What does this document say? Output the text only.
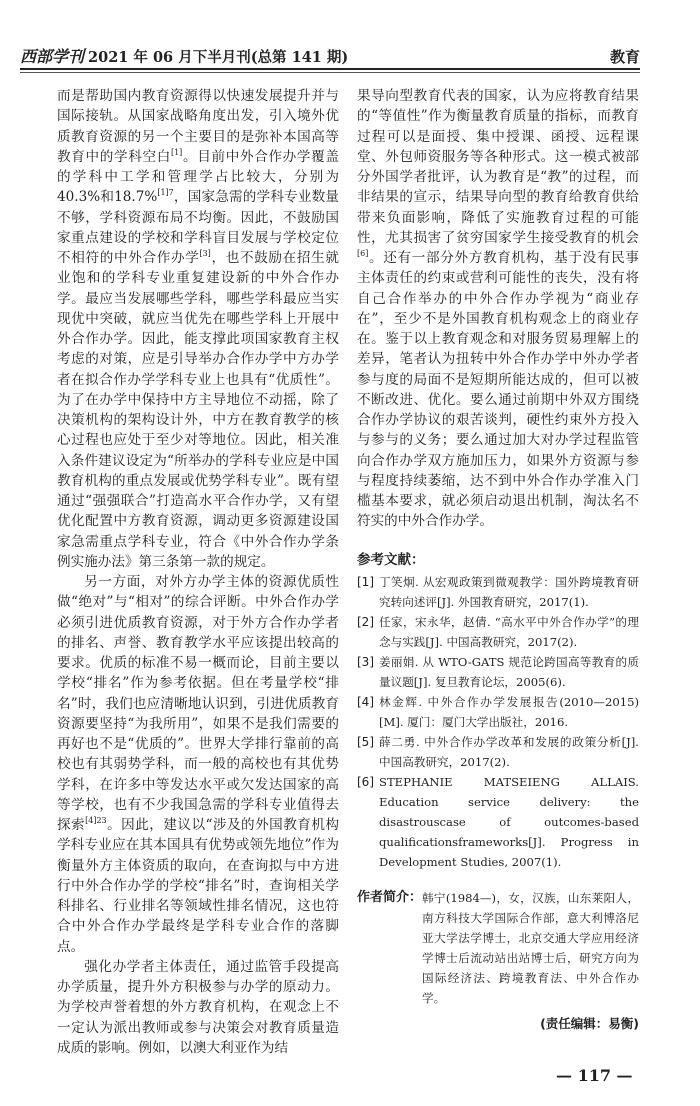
西部学刊 2021 年 06 月下半月刊(总第 141 期)	教育

而是帮助国内教育资源得以快速发展提升并与国际接轨。从国家战略角度出发，引入境外优质教育资源的另一个主要目的是弥补本国高等教育中的学科空白[1]。目前中外合作办学覆盖的学科中工学和管理学占比较大，分别为40.3%和18.7%$^{[1]7}$，国家急需的学科专业数量不够，学科资源布局不均衡。因此，不鼓励国家重点建设的学校和学科盲目发展与学校定位不相符的中外合作办学[3]，也不鼓励在招生就业饱和的学科专业重复建设新的中外合作办学。最应当发展哪些学科，哪些学科最应当实现优中突破，就应当优先在哪些学科上开展中外合作办学。因此，能支撑此项国家教育主权考虑的对策，应是引导举办合作办学中方办学者在拟合作办学学科专业上也具有“优质性”。为了在办学中保持中方主导地位不动摇，除了决策机构的架构设计外，中方在教育教学的核心过程也应处于至少对等地位。因此，相关准入条件建议设定为“所举办的学科专业应是中国教育机构的重点发展或优势学科专业”。既有望通过“强强联合”打造高水平合作办学，又有望优化配置中方教育资源，调动更多资源建设国家急需重点学科专业，符合《中外合作办学条例实施办法》第三条第一款的规定。

另一方面，对外方办学主体的资源优质性做“绝对”与“相对”的综合评断。中外合作办学必须引进优质教育资源，对于外方合作办学者的排名、声誉、教育教学水平应该提出较高的要求。优质的标准不易一概而论，目前主要以学校“排名”作为参考依据。但在考量学校“排名”时，我们也应清晰地认识到，引进优质教育资源要坚持“为我所用”，如果不是我们需要的再好也不是“优质的”。世界大学排行靠前的高校也有其弱势学科，而一般的高校也有其优势学科，在许多中等发达水平或欠发达国家的高等学校，也有不少我国急需的学科专业值得去探索$^{[4]23}$。因此，建议以“涉及的外国教育机构学科专业应在其本国具有优势或领先地位”作为衡量外方主体资质的取向，在查询拟与中方进行中外合作办学的学校“排名”时，查询相关学科排名、行业排名等领域性排名情况，这也符合中外合作办学最终是学科专业合作的落脚点。

强化办学者主体责任，通过监管手段提高办学质量，提升外方积极参与办学的原动力。为学校声誉着想的外方教育机构，在观念上不一定认为派出教师或参与决策会对教育质量造成质的影响。例如，以澳大利亚作为结

果导向型教育代表的国家，认为应将教育结果的“等值性”作为衡量教育质量的指标，而教育过程可以是面授、集中授课、函授、远程课堂、外包师资服务等各种形式。这一模式被部分外国学者批评，认为教育是“教”的过程，而非结果的宣示，结果导向型的教育给教育供给带来负面影响，降低了实施教育过程的可能性，尤其损害了贫穷国家学生接受教育的机会[6]。还有一部分外方教育机构，基于没有民事主体责任的约束或营利可能性的丧失，没有将自己合作举办的中外合作办学视为“商业存在”，至少不是外国教育机构观念上的商业存在。鉴于以上教育观念和对服务贸易理解上的差异，笔者认为扭转中外合作办学中外办学者参与度的局面不是短期所能达成的，但可以被不断改进、优化。要么通过前期中外双方围绕合作办学协议的艰苦谈判，硬性约束外方投入与参与的义务；要么通过加大对办学过程监管向合作办学双方施加压力，如果外方资源与参与程度持续萎缩，达不到中外合作办学准入门槛基本要求，就必须启动退出机制，淘汰名不符实的中外合作办学。

参考文献：
[1] 丁笑炯. 从宏观政策到微观教学：国外跨境教育研究转向述评[J]. 外国教育研究，2017(1).
[2] 任家，宋永华，赵倩. “高水平中外合作办学”的理念与实践[J]. 中国高教研究，2017(2).
[3] 姜丽娟. 从 WTO-GATS 规范论跨国高等教育的质量议题[J]. 复旦教育论坛，2005(6).
[4] 林金辉. 中外合作办学发展报告(2010—2015)[M]. 厦门：厦门大学出版社，2016.
[5] 薛二勇. 中外合作办学改革和发展的政策分析[J]. 中国高教研究，2017(2).
[6] STEPHANIE MATSEIENG ALLAIS. Education service delivery: the disastrouscase of outcomes-based qualificationsframeworks[J]. Progress in Development Studies, 2007(1).
作者简介： 韩宁(1984—)，女，汉族，山东莱阳人，南方科技大学国际合作部，意大利博洛尼亚大学法学博士，北京交通大学应用经济学博士后流动站出站博士后，研究方向为国际经济法、跨境教育法、中外合作办学。
(责任编辑：易衡)
— 117 —
